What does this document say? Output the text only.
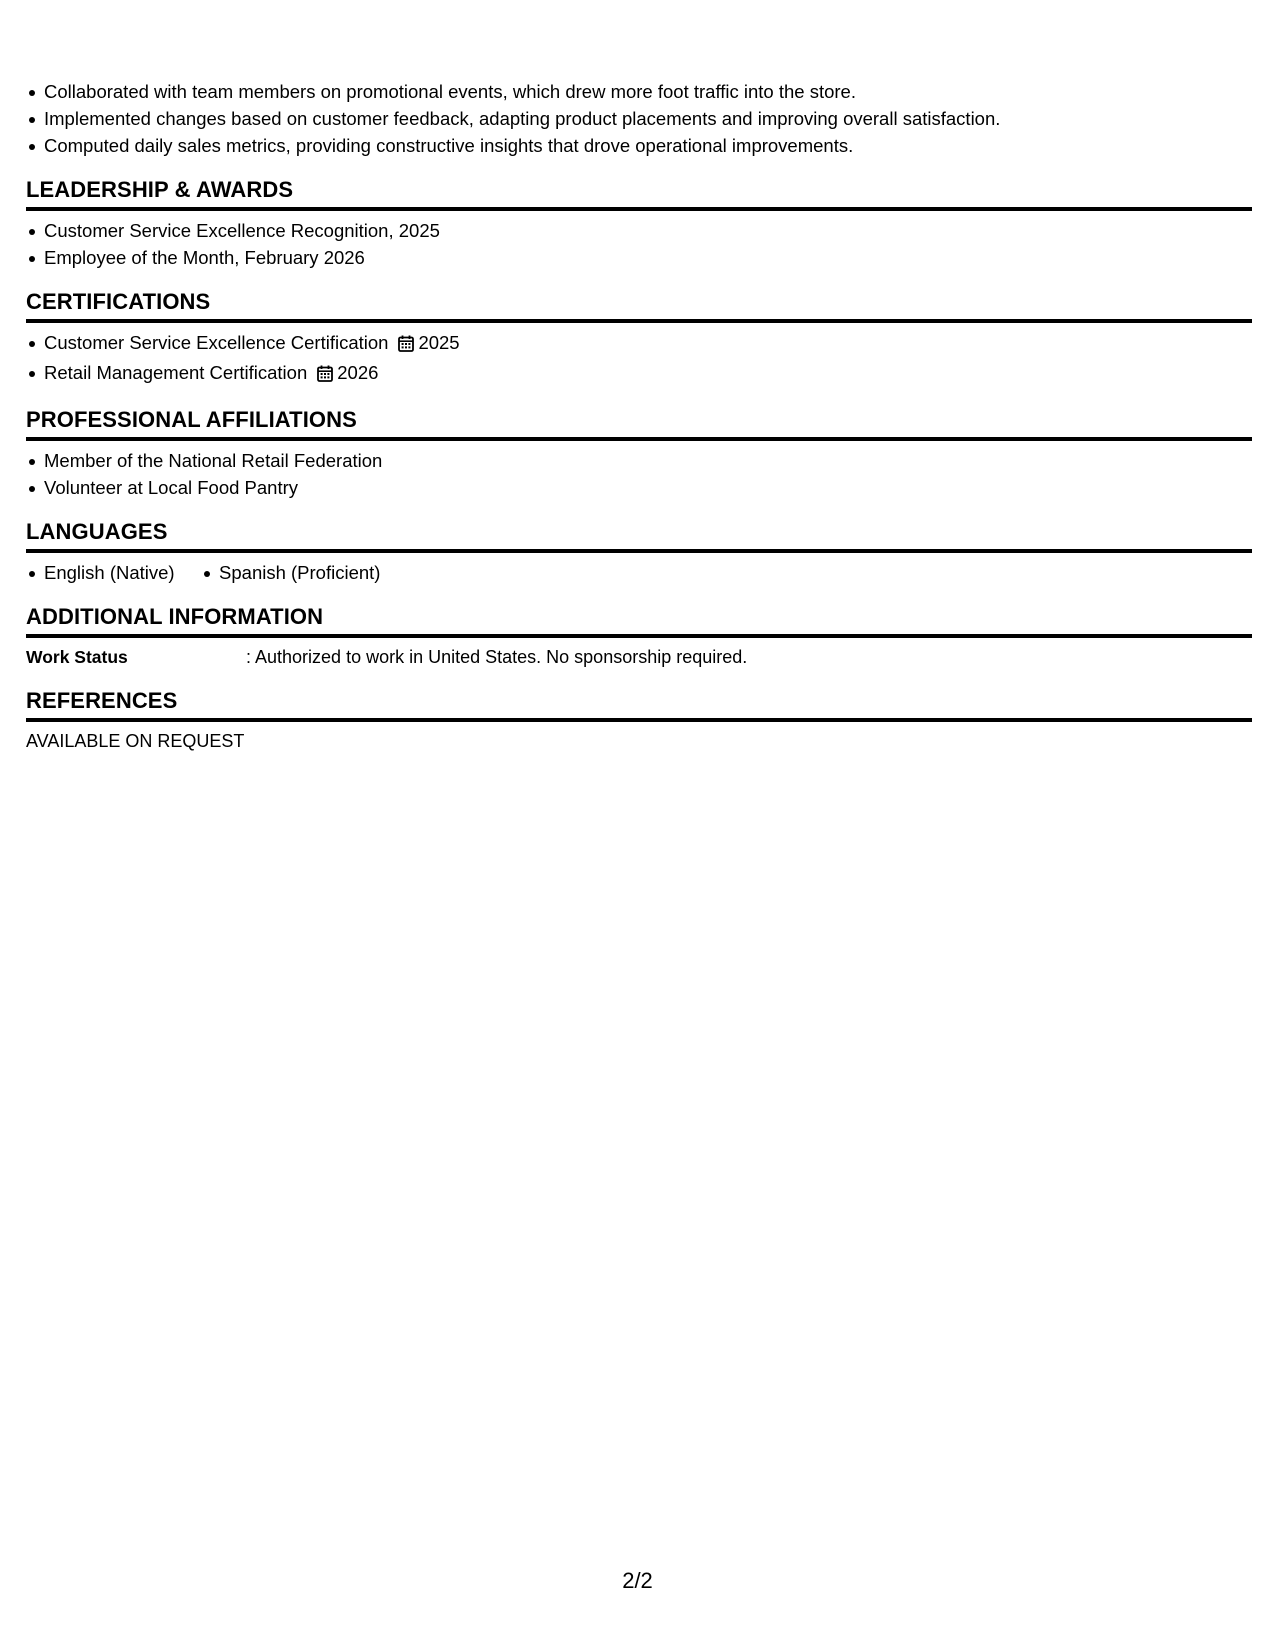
Collaborated with team members on promotional events, which drew more foot traffic into the store.
Implemented changes based on customer feedback, adapting product placements and improving overall satisfaction.
Computed daily sales metrics, providing constructive insights that drove operational improvements.
LEADERSHIP & AWARDS
Customer Service Excellence Recognition, 2025
Employee of the Month, February 2026
CERTIFICATIONS
Customer Service Excellence Certification 2025
Retail Management Certification 2026
PROFESSIONAL AFFILIATIONS
Member of the National Retail Federation
Volunteer at Local Food Pantry
LANGUAGES
English (Native) Spanish (Proficient)
ADDITIONAL INFORMATION
Work Status	: Authorized to work in United States. No sponsorship required.
REFERENCES
AVAILABLE ON REQUEST
2/2
